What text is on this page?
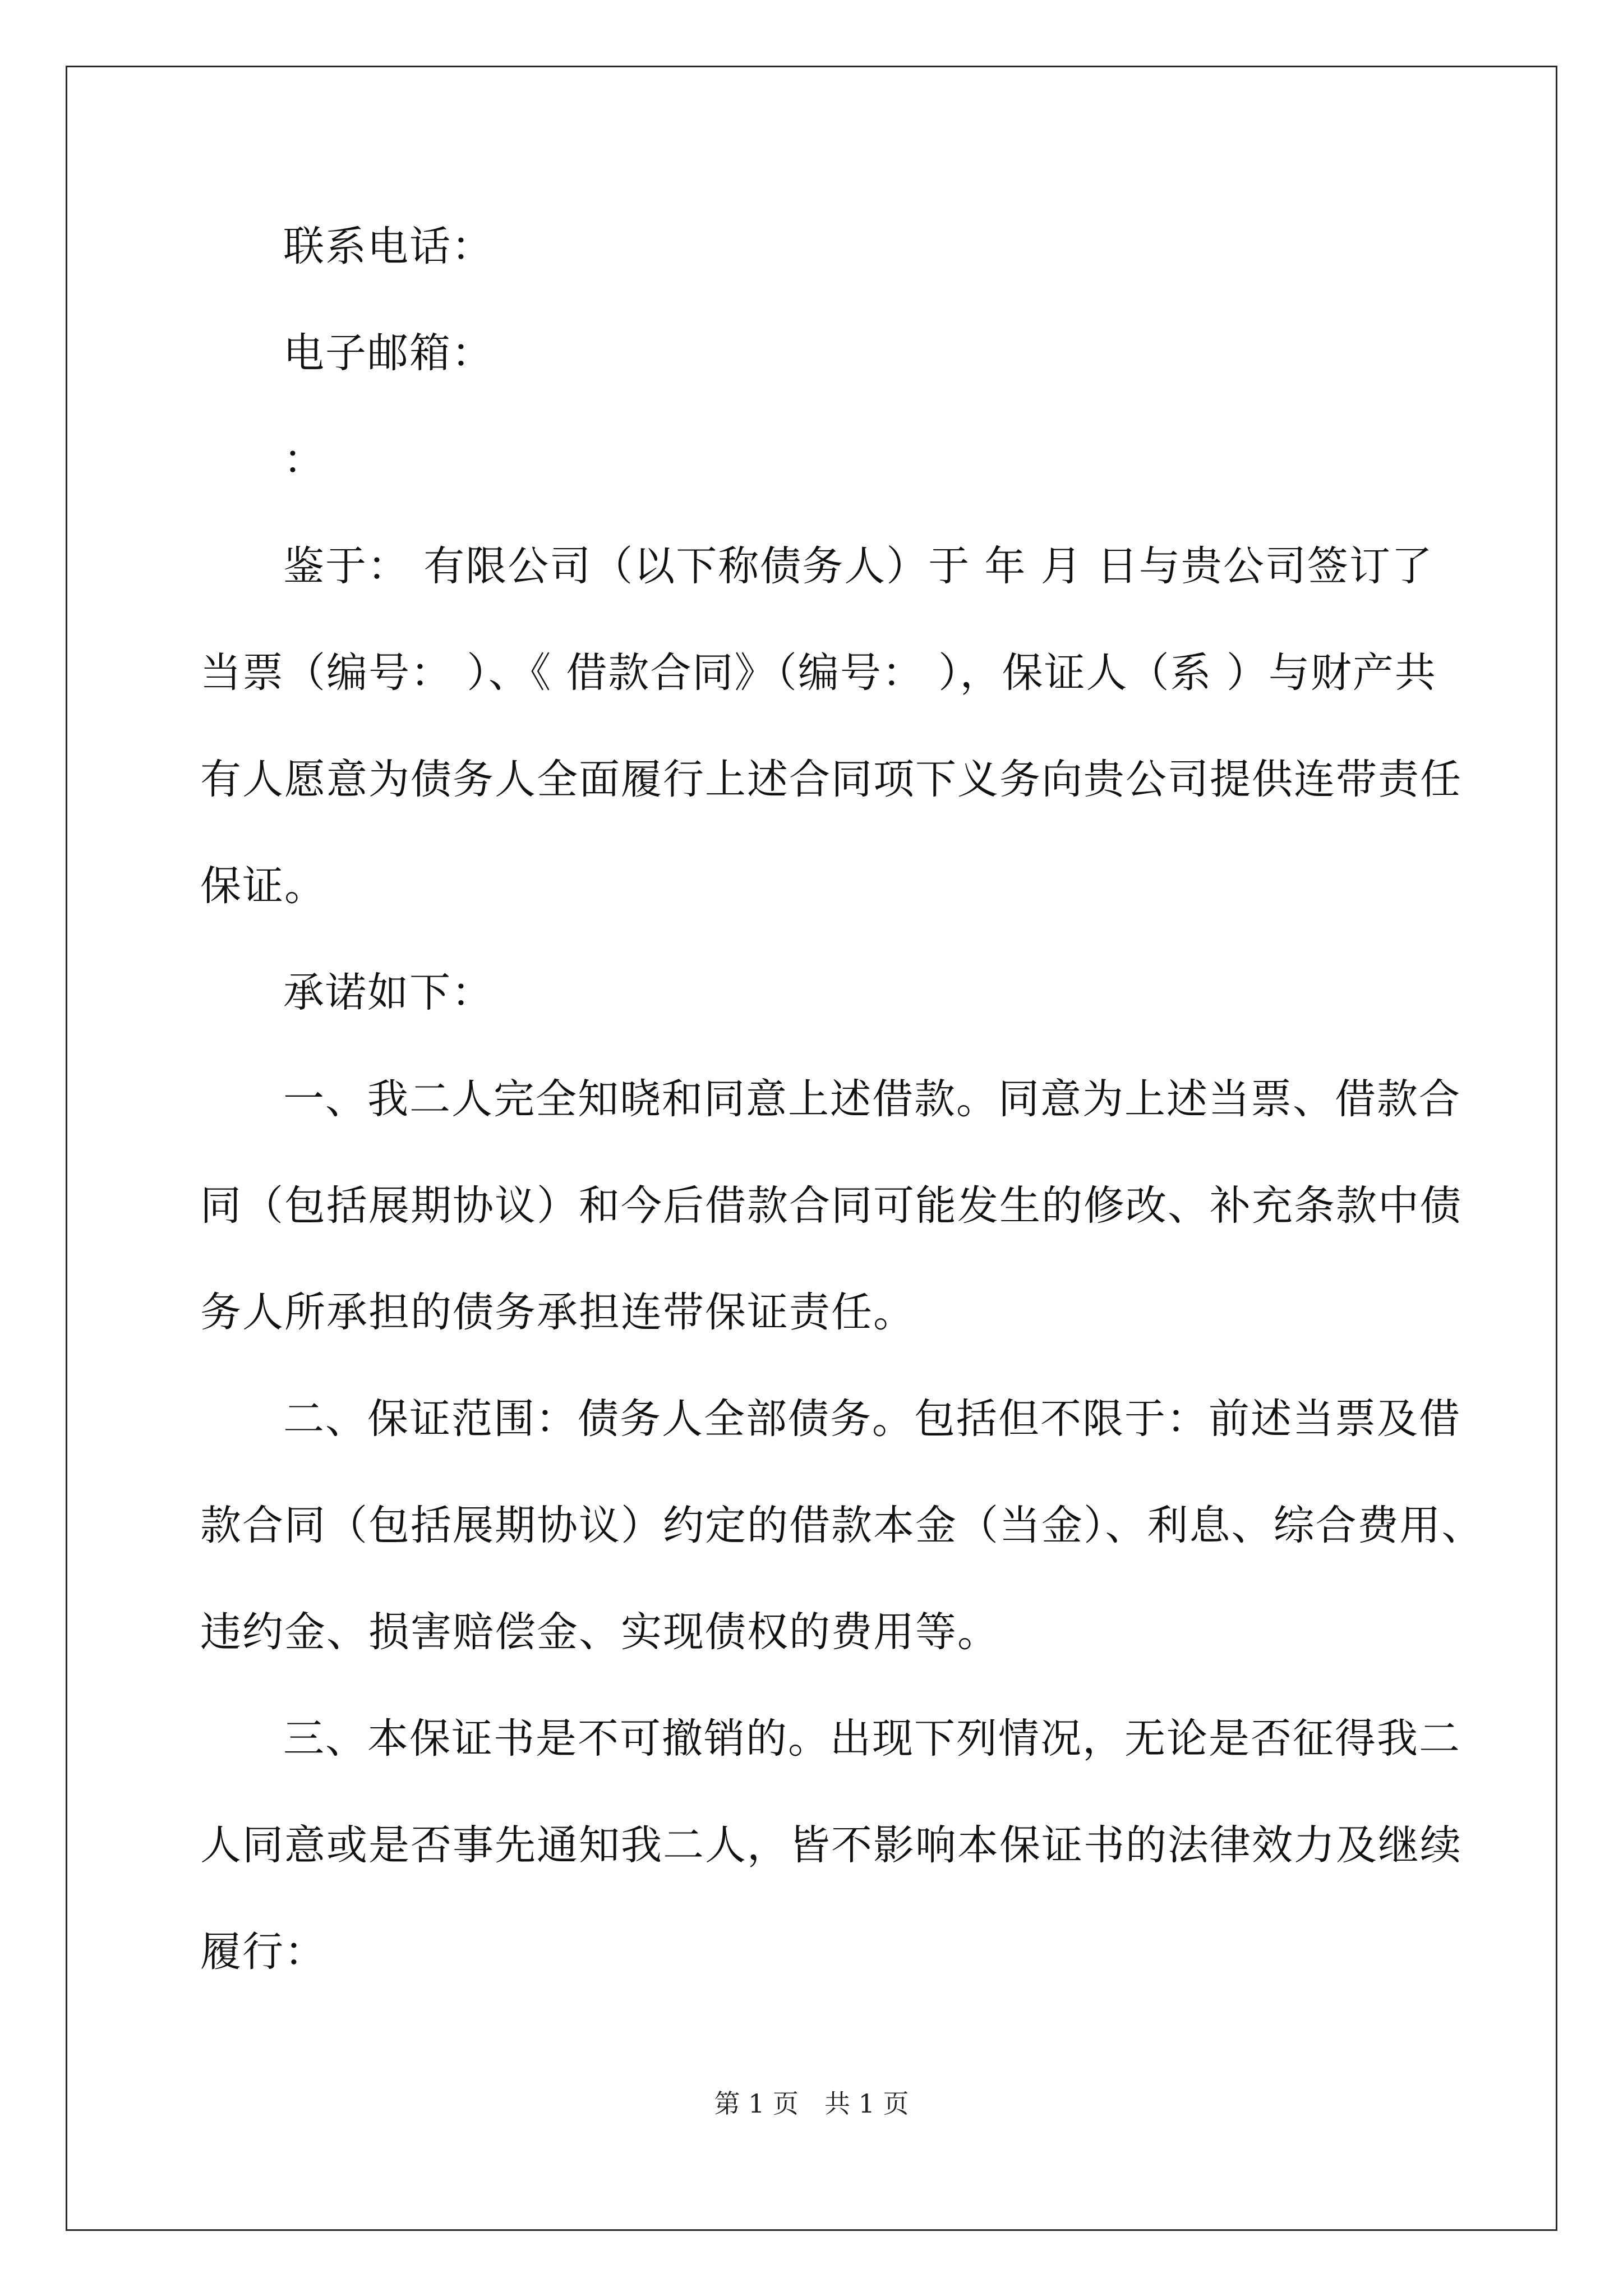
联系电话：
电子邮箱：
：
鉴于： 有限公司（以下称债务人）于 年 月 日与贵公司签订了
当票（编号： ）、《 借款合同》（编号： ），保证人（系 ）与财产共
有人愿意为债务人全面履行上述合同项下义务向贵公司提供连带责任
保证。
承诺如下：
一、我二人完全知晓和同意上述借款。同意为上述当票、借款合
同（包括展期协议）和今后借款合同可能发生的修改、补充条款中债
务人所承担的债务承担连带保证责任。
二、保证范围：债务人全部债务。包括但不限于：前述当票及借
款合同（包括展期协议）约定的借款本金（当金）、利息、综合费用、
违约金、损害赔偿金、实现债权的费用等。
三、本保证书是不可撤销的。出现下列情况，无论是否征得我二
人同意或是否事先通知我二人，皆不影响本保证书的法律效力及继续
履行：
第 1 页　共 1 页
